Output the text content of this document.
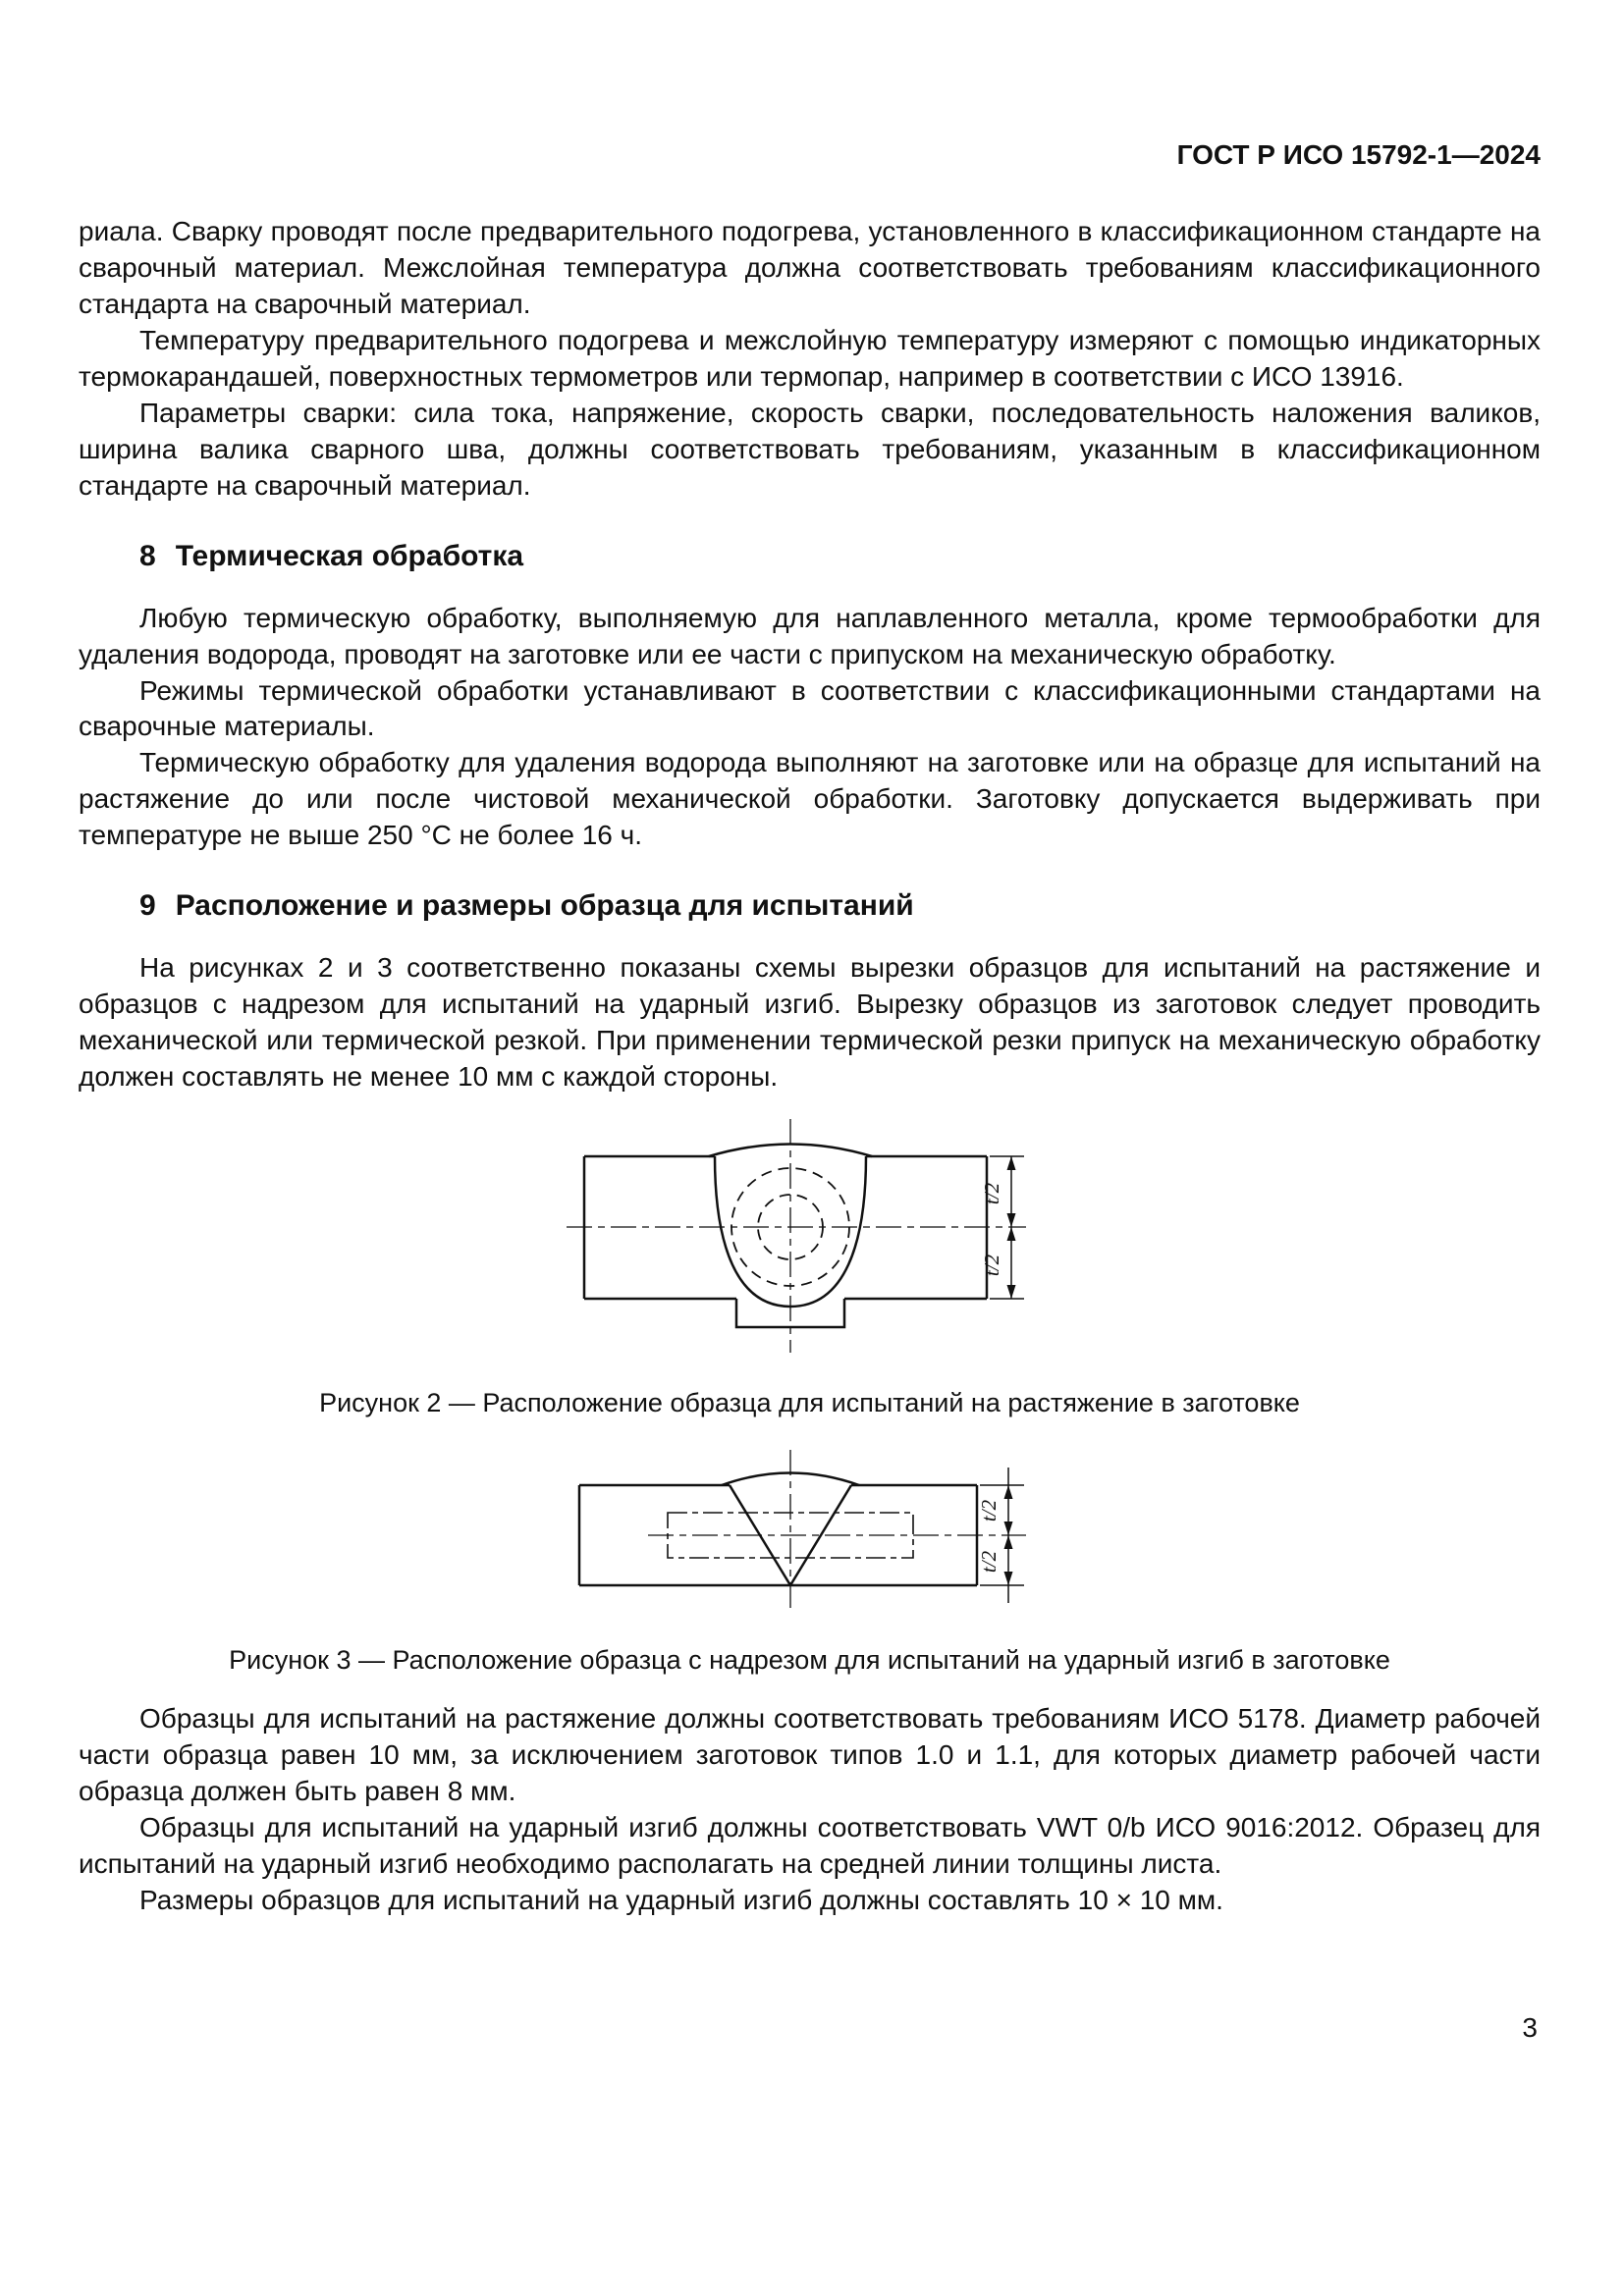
ГОСТ Р ИСО 15792-1—2024

риала. Сварку проводят после предварительного подогрева, установленного в классификационном стандарте на сварочный материал. Межслойная температура должна соответствовать требованиям классификационного стандарта на сварочный материал.

Температуру предварительного подогрева и межслойную температуру измеряют с помощью индикаторных термокарандашей, поверхностных термометров или термопар, например в соответствии с ИСО 13916.

Параметры сварки: сила тока, напряжение, скорость сварки, последовательность наложения валиков, ширина валика сварного шва, должны соответствовать требованиям, указанным в классификационном стандарте на сварочный материал.

8 Термическая обработка

Любую термическую обработку, выполняемую для наплавленного металла, кроме термообработки для удаления водорода, проводят на заготовке или ее части с припуском на механическую обработку.

Режимы термической обработки устанавливают в соответствии с классификационными стандартами на сварочные материалы.

Термическую обработку для удаления водорода выполняют на заготовке или на образце для испытаний на растяжение до или после чистовой механической обработки. Заготовку допускается выдерживать при температуре не выше 250 °С не более 16 ч.

9 Расположение и размеры образца для испытаний

На рисунках 2 и 3 соответственно показаны схемы вырезки образцов для испытаний на растяжение и образцов с надрезом для испытаний на ударный изгиб. Вырезку образцов из заготовок следует проводить механической или термической резкой. При применении термической резки припуск на механическую обработку должен составлять не менее 10 мм с каждой стороны.

t/2
t/2
Рисунок 2 — Расположение образца для испытаний на растяжение в заготовке
t/2
t/2
Рисунок 3 — Расположение образца с надрезом для испытаний на ударный изгиб в заготовке

Образцы для испытаний на растяжение должны соответствовать требованиям ИСО 5178. Диаметр рабочей части образца равен 10 мм, за исключением заготовок типов 1.0 и 1.1, для которых диаметр рабочей части образца должен быть равен 8 мм.

Образцы для испытаний на ударный изгиб должны соответствовать VWT 0/b ИСО 9016:2012. Образец для испытаний на ударный изгиб необходимо располагать на средней линии толщины листа.

Размеры образцов для испытаний на ударный изгиб должны составлять 10 × 10 мм.

3
